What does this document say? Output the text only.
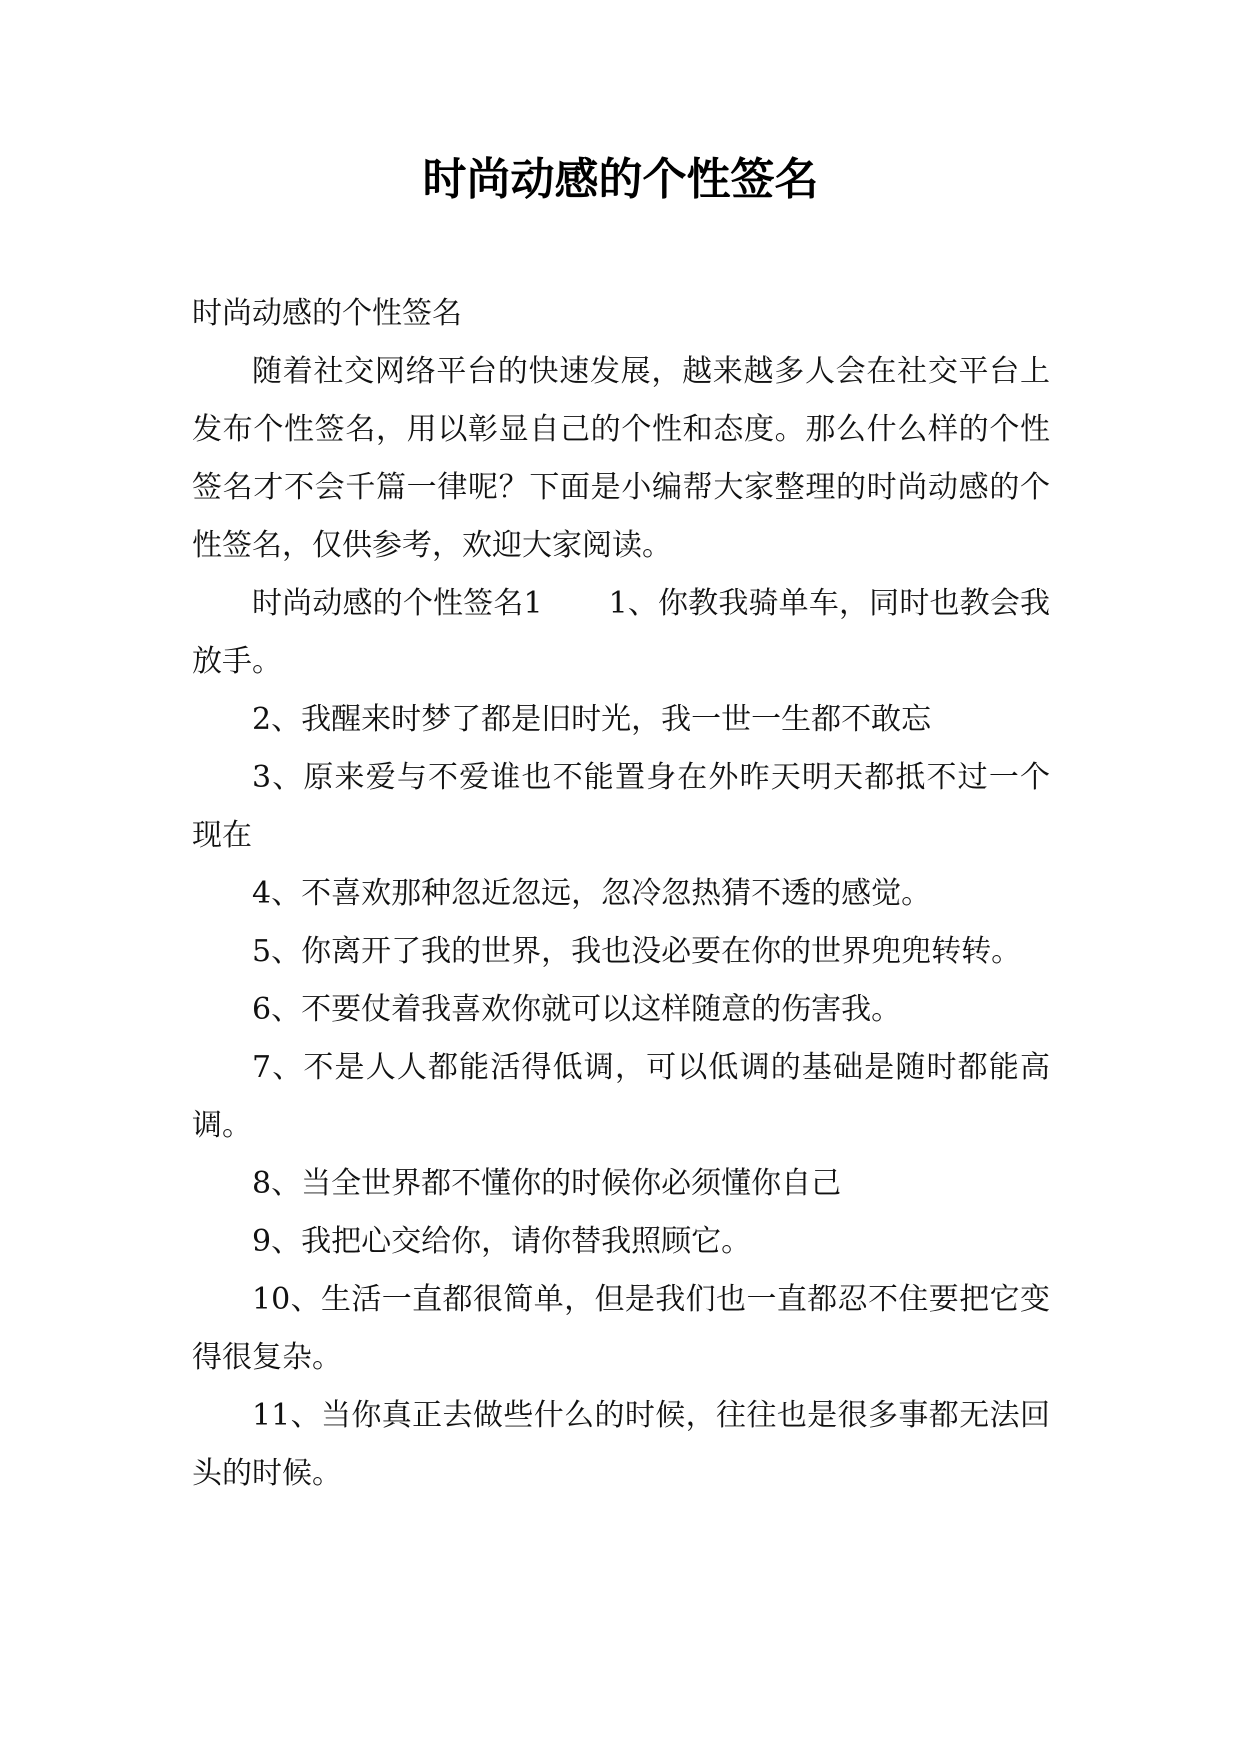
时尚动感的个性签名

时尚动感的个性签名

随着社交网络平台的快速发展，越来越多人会在社交平台上发布个性签名，用以彰显自己的个性和态度。那么什么样的个性签名才不会千篇一律呢？下面是小编帮大家整理的时尚动感的个性签名，仅供参考，欢迎大家阅读。

时尚动感的个性签名1 1、你教我骑单车，同时也教会我放手。

2、我醒来时梦了都是旧时光，我一世一生都不敢忘

3、原来爱与不爱谁也不能置身在外昨天明天都抵不过一个现在

4、不喜欢那种忽近忽远，忽冷忽热猜不透的感觉。

5、你离开了我的世界，我也没必要在你的世界兜兜转转。

6、不要仗着我喜欢你就可以这样随意的伤害我。

7、不是人人都能活得低调，可以低调的基础是随时都能高调。

8、当全世界都不懂你的时候你必须懂你自己

9、我把心交给你，请你替我照顾它。

10、生活一直都很简单，但是我们也一直都忍不住要把它变得很复杂。

11、当你真正去做些什么的时候，往往也是很多事都无法回头的时候。
